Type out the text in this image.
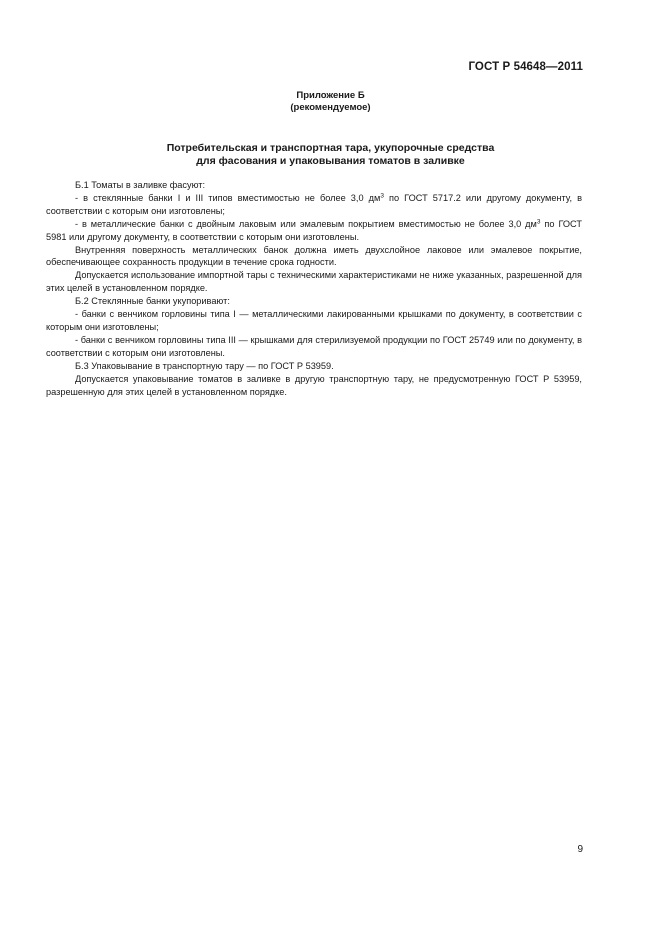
ГОСТ Р 54648—2011
Приложение Б
(рекомендуемое)
Потребительская и транспортная тара, укупорочные средства
для фасования и упаковывания томатов в заливке

Б.1 Томаты в заливке фасуют:

- в стеклянные банки I и III типов вместимостью не более 3,0 $дм^3$ по ГОСТ 5717.2 или другому документу, в соответствии с которым они изготовлены;

- в металлические банки с двойным лаковым или эмалевым покрытием вместимостью не более 3,0 $дм^3$ по ГОСТ 5981 или другому документу, в соответствии с которым они изготовлены.

Внутренняя поверхность металлических банок должна иметь двухслойное лаковое или эмалевое покрытие, обеспечивающее сохранность продукции в течение срока годности.

Допускается использование импортной тары с техническими характеристиками не ниже указанных, разрешенной для этих целей в установленном порядке.

Б.2 Стеклянные банки укупоривают:

- банки с венчиком горловины типа I — металлическими лакированными крышками по документу, в соответствии с которым они изготовлены;

- банки с венчиком горловины типа III — крышками для стерилизуемой продукции по ГОСТ 25749 или по документу, в соответствии с которым они изготовлены.

Б.3 Упаковывание в транспортную тару — по ГОСТ Р 53959.

Допускается упаковывание томатов в заливке в другую транспортную тару, не предусмотренную ГОСТ Р 53959, разрешенную для этих целей в установленном порядке.

9
